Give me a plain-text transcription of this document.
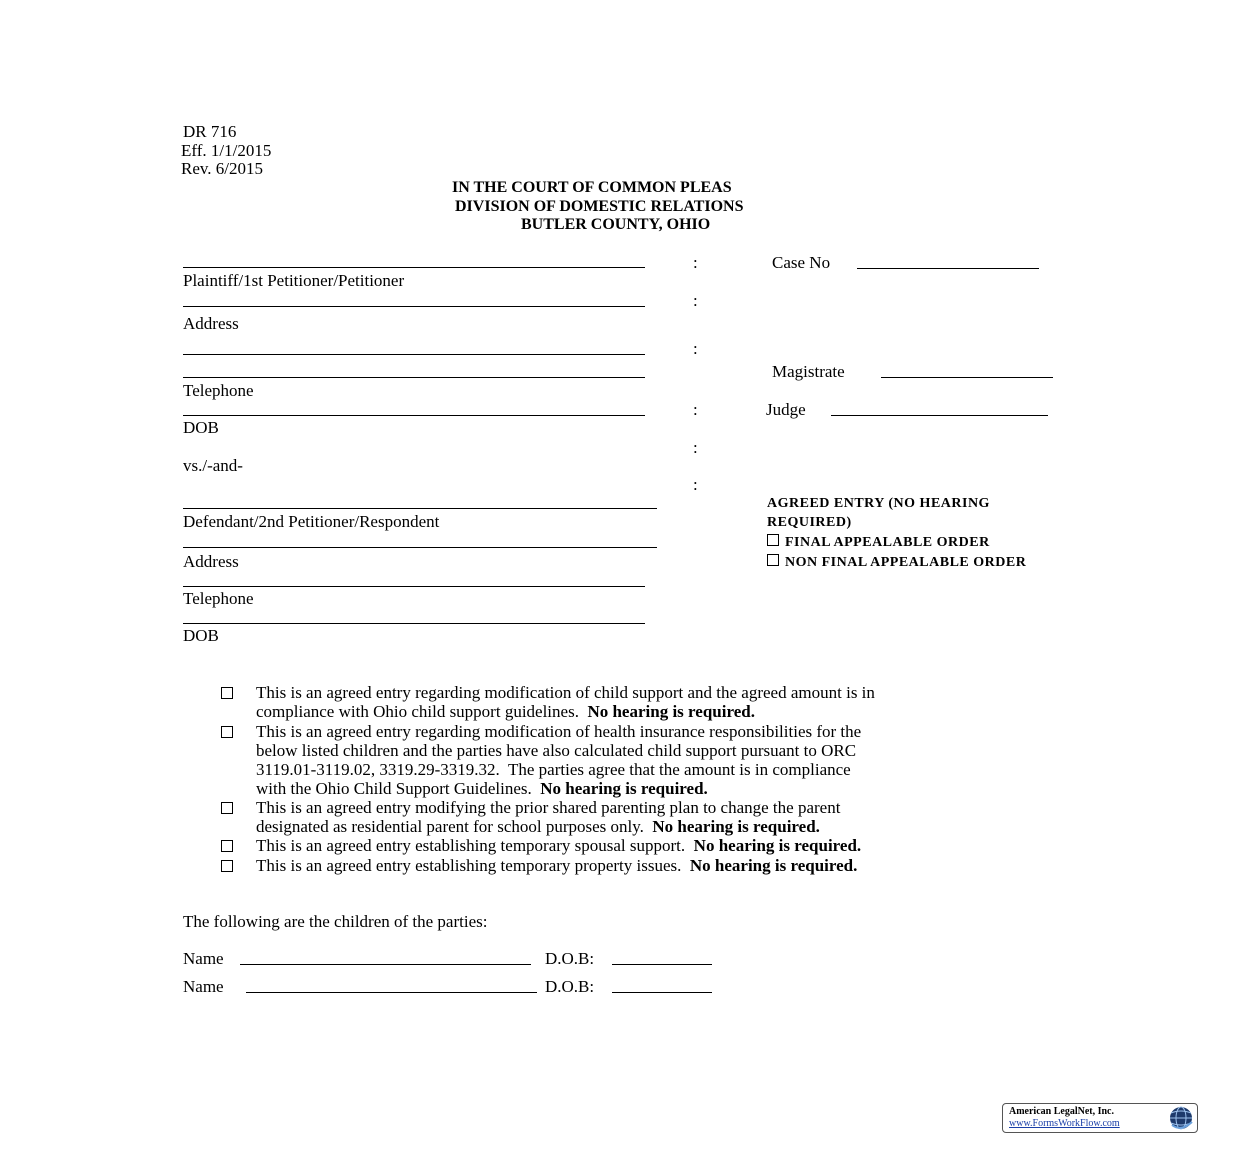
DR 716
Eff. 1/1/2015
Rev. 6/2015
IN THE COURT OF COMMON PLEAS
DIVISION OF DOMESTIC RELATIONS
BUTLER COUNTY, OHIO
Plaintiff/1st Petitioner/Petitioner
Address
Telephone
DOB
vs./-and-
Defendant/2nd Petitioner/Respondent
Address
Telephone
DOB
:
:
:
:
:
:
Case No
Magistrate
Judge
AGREED ENTRY (NO HEARING
REQUIRED)
FINAL APPEALABLE ORDER
NON FINAL APPEALABLE ORDER
This is an agreed entry regarding modification of child support and the agreed amount is in
compliance with Ohio child support guidelines.  No hearing is required.
This is an agreed entry regarding modification of health insurance responsibilities for the
below listed children and the parties have also calculated child support pursuant to ORC
3119.01-3119.02, 3319.29-3319.32.  The parties agree that the amount is in compliance
with the Ohio Child Support Guidelines.  No hearing is required.
This is an agreed entry modifying the prior shared parenting plan to change the parent
designated as residential parent for school purposes only.  No hearing is required.
This is an agreed entry establishing temporary spousal support.  No hearing is required.
This is an agreed entry establishing temporary property issues.  No hearing is required.
The following are the children of the parties:
Name	D.O.B:
Name	D.O.B:
American LegalNet, Inc.
www.FormsWorkFlow.com
